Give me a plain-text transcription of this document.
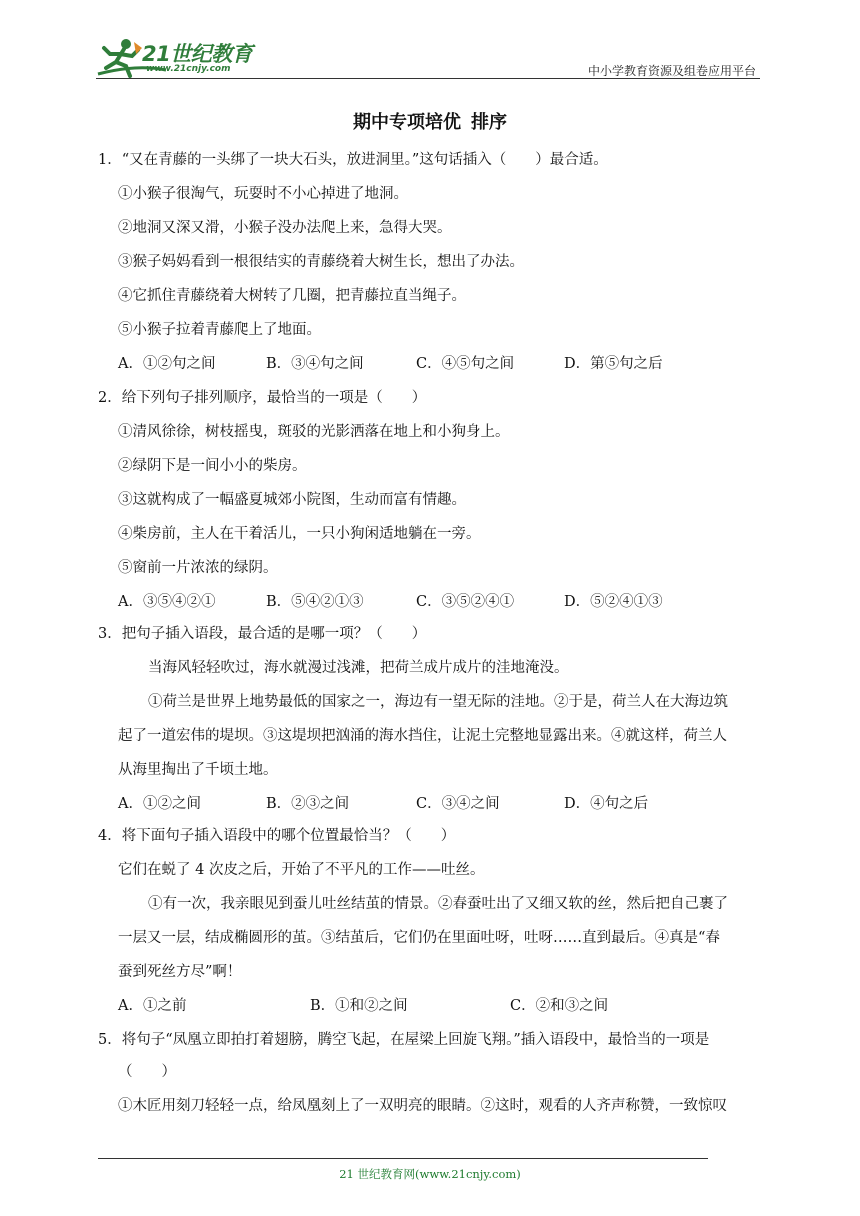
21世纪教育
www.21cnjy.com	中小学教育资源及组卷应用平台
期中专项培优 排序
1．“又在青藤的一头绑了一块大石头，放进洞里。”这句话插入（　　）最合适。
①小猴子很淘气，玩耍时不小心掉进了地洞。
②地洞又深又滑，小猴子没办法爬上来，急得大哭。
③猴子妈妈看到一根很结实的青藤绕着大树生长，想出了办法。
④它抓住青藤绕着大树转了几圈，把青藤拉直当绳子。
⑤小猴子拉着青藤爬上了地面。
A．①②句之间	B．③④句之间	C．④⑤句之间	D．第⑤句之后
2．给下列句子排列顺序，最恰当的一项是（　　）
①清风徐徐，树枝摇曳，斑驳的光影洒落在地上和小狗身上。
②绿阴下是一间小小的柴房。
③这就构成了一幅盛夏城郊小院图，生动而富有情趣。
④柴房前，主人在干着活儿，一只小狗闲适地躺在一旁。
⑤窗前一片浓浓的绿阴。
A．③⑤④②①	B．⑤④②①③	C．③⑤②④①	D．⑤②④①③
3．把句子插入语段，最合适的是哪一项？（　　）
当海风轻轻吹过，海水就漫过浅滩，把荷兰成片成片的洼地淹没。
①荷兰是世界上地势最低的国家之一，海边有一望无际的洼地。②于是，荷兰人在大海边筑
起了一道宏伟的堤坝。③这堤坝把汹涌的海水挡住，让泥土完整地显露出来。④就这样，荷兰人
从海里掏出了千顷土地。
A．①②之间	B．②③之间	C．③④之间	D．④句之后
4．将下面句子插入语段中的哪个位置最恰当？（　　）
它们在蜕了 4 次皮之后，开始了不平凡的工作——吐丝。
①有一次，我亲眼见到蚕儿吐丝结茧的情景。②春蚕吐出了又细又软的丝，然后把自己裹了
一层又一层，结成椭圆形的茧。③结茧后，它们仍在里面吐呀，吐呀……直到最后。④真是“春
蚕到死丝方尽”啊！
A．①之前	B．①和②之间	C．②和③之间
5．将句子“凤凰立即拍打着翅膀，腾空飞起，在屋梁上回旋飞翔。”插入语段中，最恰当的一项是
（　　）
①木匠用刻刀轻轻一点，给凤凰刻上了一双明亮的眼睛。②这时，观看的人齐声称赞，一致惊叹
21 世纪教育网(www.21cnjy.com)
